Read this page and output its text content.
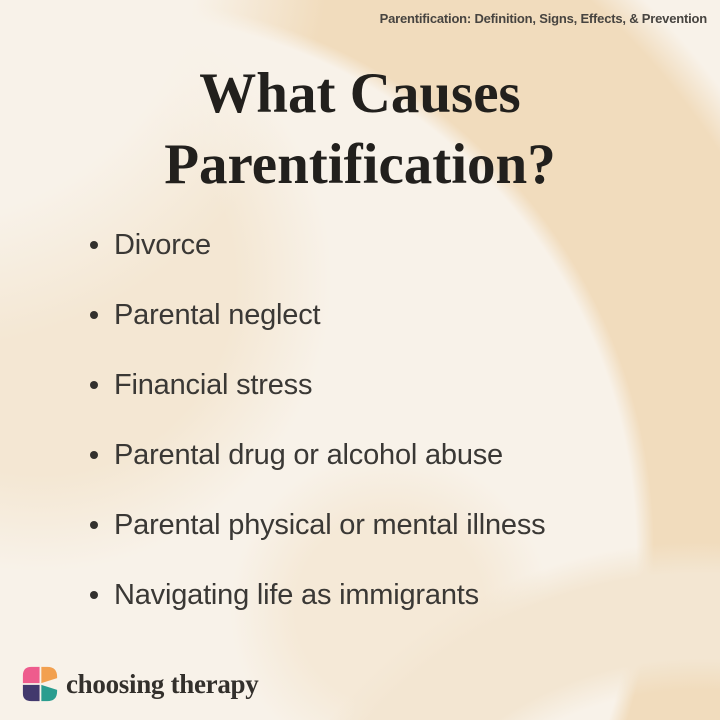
Parentification: Definition, Signs, Effects, & Prevention
What Causes
Parentification?
Divorce
Parental neglect
Financial stress
Parental drug or alcohol abuse
Parental physical or mental illness
Navigating life as immigrants
choosing therapy
